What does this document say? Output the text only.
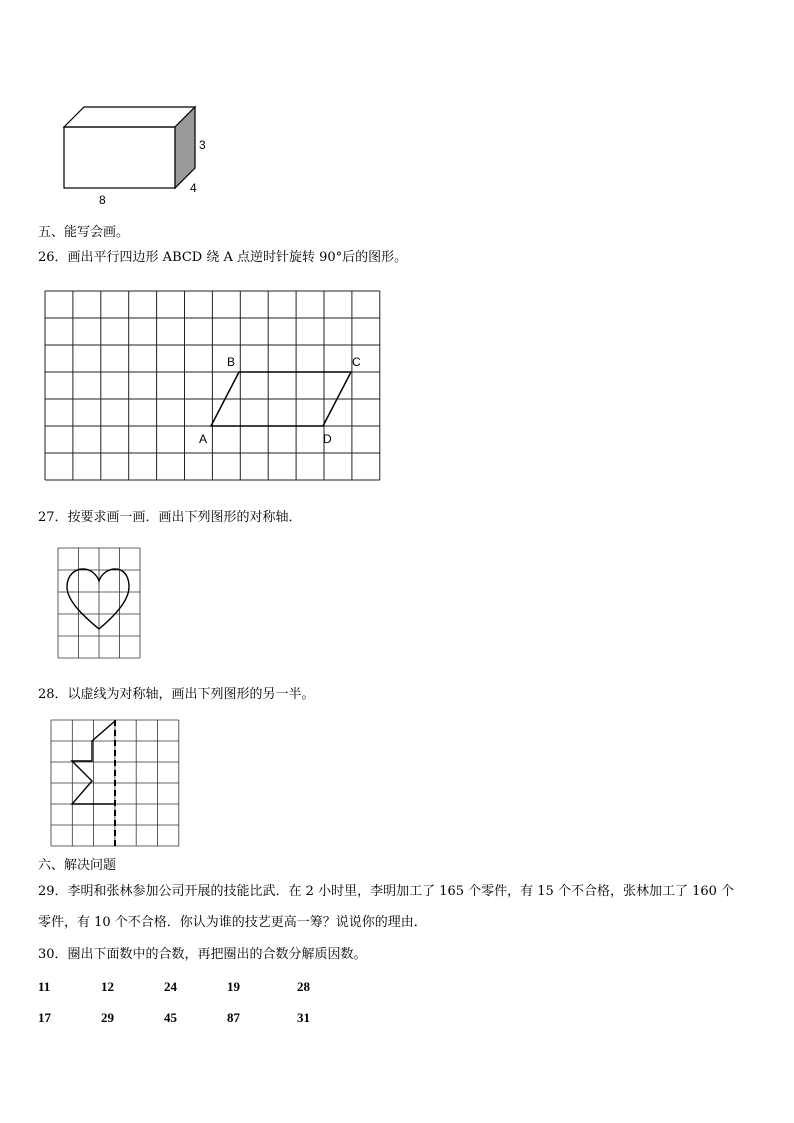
8
3
4
五、能写会画。
26．画出平行四边形 ABCD 绕 A 点逆时针旋转 90°后的图形。
B	C
A	D
27．按要求画一画．画出下列图形的对称轴．
28．以虚线为对称轴，画出下列图形的另一半。
六、解决问题
29．李明和张林参加公司开展的技能比武．在 2 小时里，李明加工了 165 个零件，有 15 个不合格，张林加工了 160 个
零件，有 10 个不合格．你认为谁的技艺更高一筹？说说你的理由．
30．圈出下面数中的合数，再把圈出的合数分解质因数。
11	12	24	19	28
17	29	45	87	31
